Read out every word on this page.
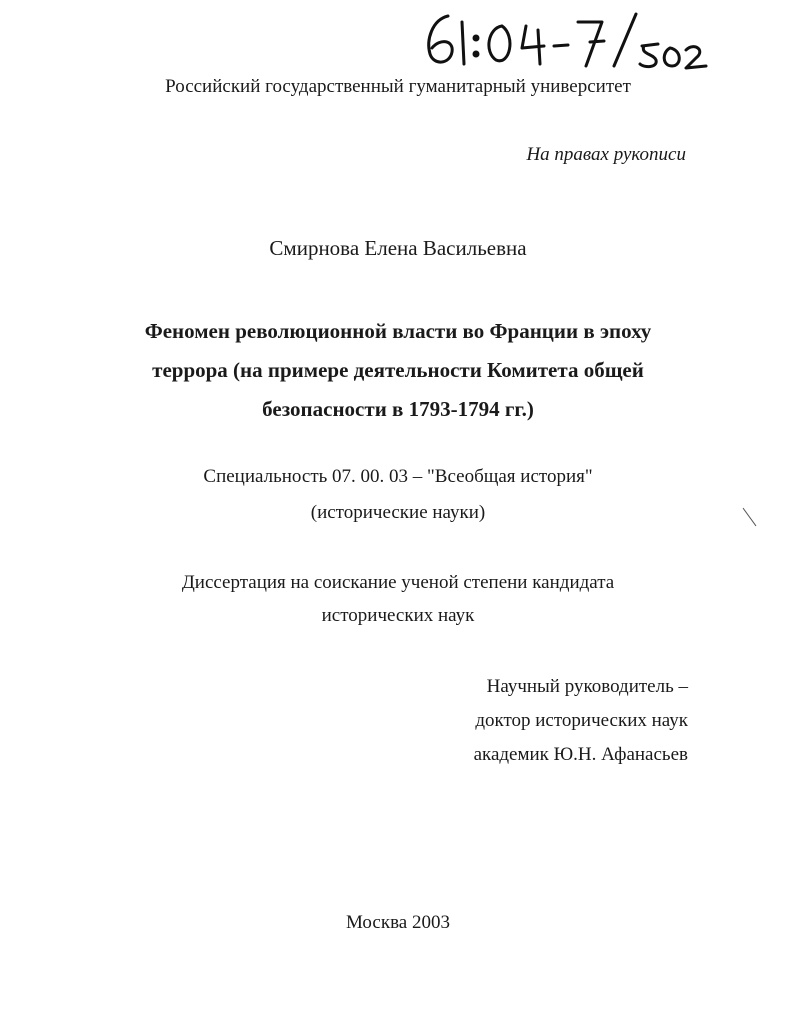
Российский государственный гуманитарный университет
На правах рукописи
Смирнова Елена Васильевна
Феномен революционной власти во Франции в эпоху
террора (на примере деятельности Комитета общей
безопасности в 1793-1794 гг.)
Специальность 07. 00. 03 – "Всеобщая история"
(исторические науки)
Диссертация на соискание ученой степени кандидата
исторических наук
Научный руководитель –
доктор исторических наук
академик Ю.Н. Афанасьев
Москва 2003
